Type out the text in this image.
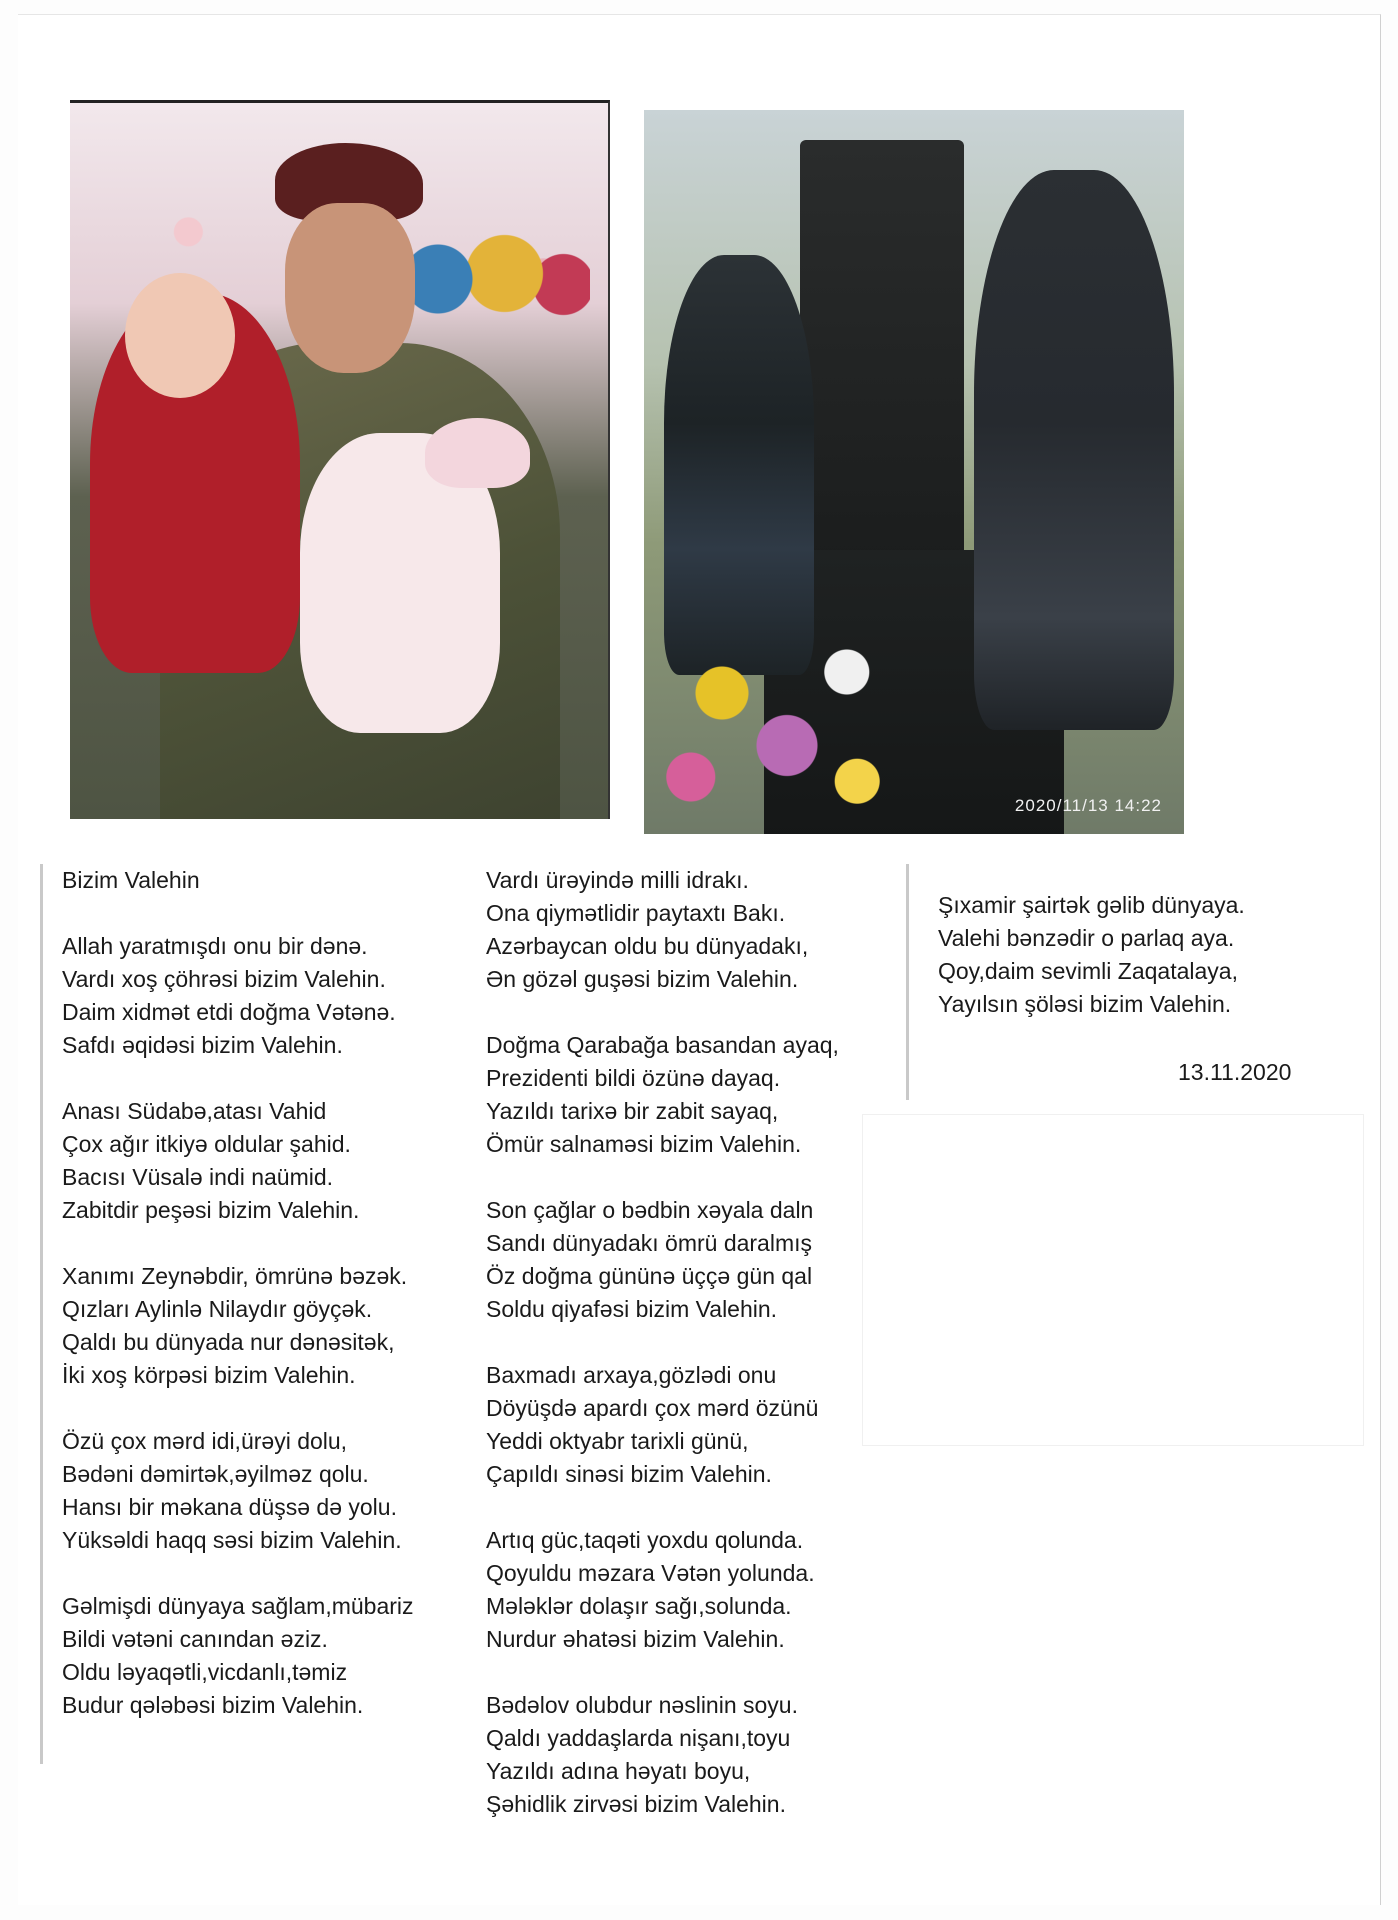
2020/11/13 14:22
Bizim Valehin
Allah yaratmışdı onu bir dənə.
Vardı xoş çöhrəsi bizim Valehin.
Daim xidmət etdi doğma Vətənə.
Safdı əqidəsi bizim Valehin.
Anası Südabə,atası Vahid
Çox ağır itkiyə oldular şahid.
Bacısı Vüsalə indi naümid.
Zabitdir peşəsi bizim Valehin.
Xanımı Zeynəbdir, ömrünə bəzək.
Qızları Aylinlə Nilaydır göyçək.
Qaldı bu dünyada nur dənəsitək,
İki xoş körpəsi bizim Valehin.
Özü çox mərd idi,ürəyi dolu,
Bədəni dəmirtək,əyilməz qolu.
Hansı bir məkana düşsə də yolu.
Yüksəldi haqq səsi bizim Valehin.
Gəlmişdi dünyaya sağlam,mübariz
Bildi vətəni canından əziz.
Oldu ləyaqətli,vicdanlı,təmiz
Budur qələbəsi bizim Valehin.
Vardı ürəyində milli idrakı.
Ona qiymətlidir paytaxtı Bakı.
Azərbaycan oldu bu dünyadakı,
Ən gözəl guşəsi bizim Valehin.
Doğma Qarabağa basandan ayaq,
Prezidenti bildi özünə dayaq.
Yazıldı tarixə bir zabit sayaq,
Ömür salnaməsi bizim Valehin.
Son çağlar o bədbin xəyala daln
Sandı dünyadakı ömrü daralmış
Öz doğma gününə üççə gün qal
Soldu qiyafəsi bizim Valehin.
Baxmadı arxaya,gözlədi onu
Döyüşdə apardı çox mərd özünü
Yeddi oktyabr tarixli günü,
Çapıldı sinəsi bizim Valehin.
Artıq güc,taqəti yoxdu qolunda.
Qoyuldu məzara Vətən yolunda.
Mələklər dolaşır sağı,solunda.
Nurdur əhatəsi bizim Valehin.
Bədəlov olubdur nəslinin soyu.
Qaldı yaddaşlarda nişanı,toyu
Yazıldı adına həyatı boyu,
Şəhidlik zirvəsi bizim Valehin.
Şıxamir şairtək gəlib dünyaya.
Valehi bənzədir o parlaq aya.
Qoy,daim sevimli Zaqatalaya,
Yayılsın şöləsi bizim Valehin.
13.11.2020
